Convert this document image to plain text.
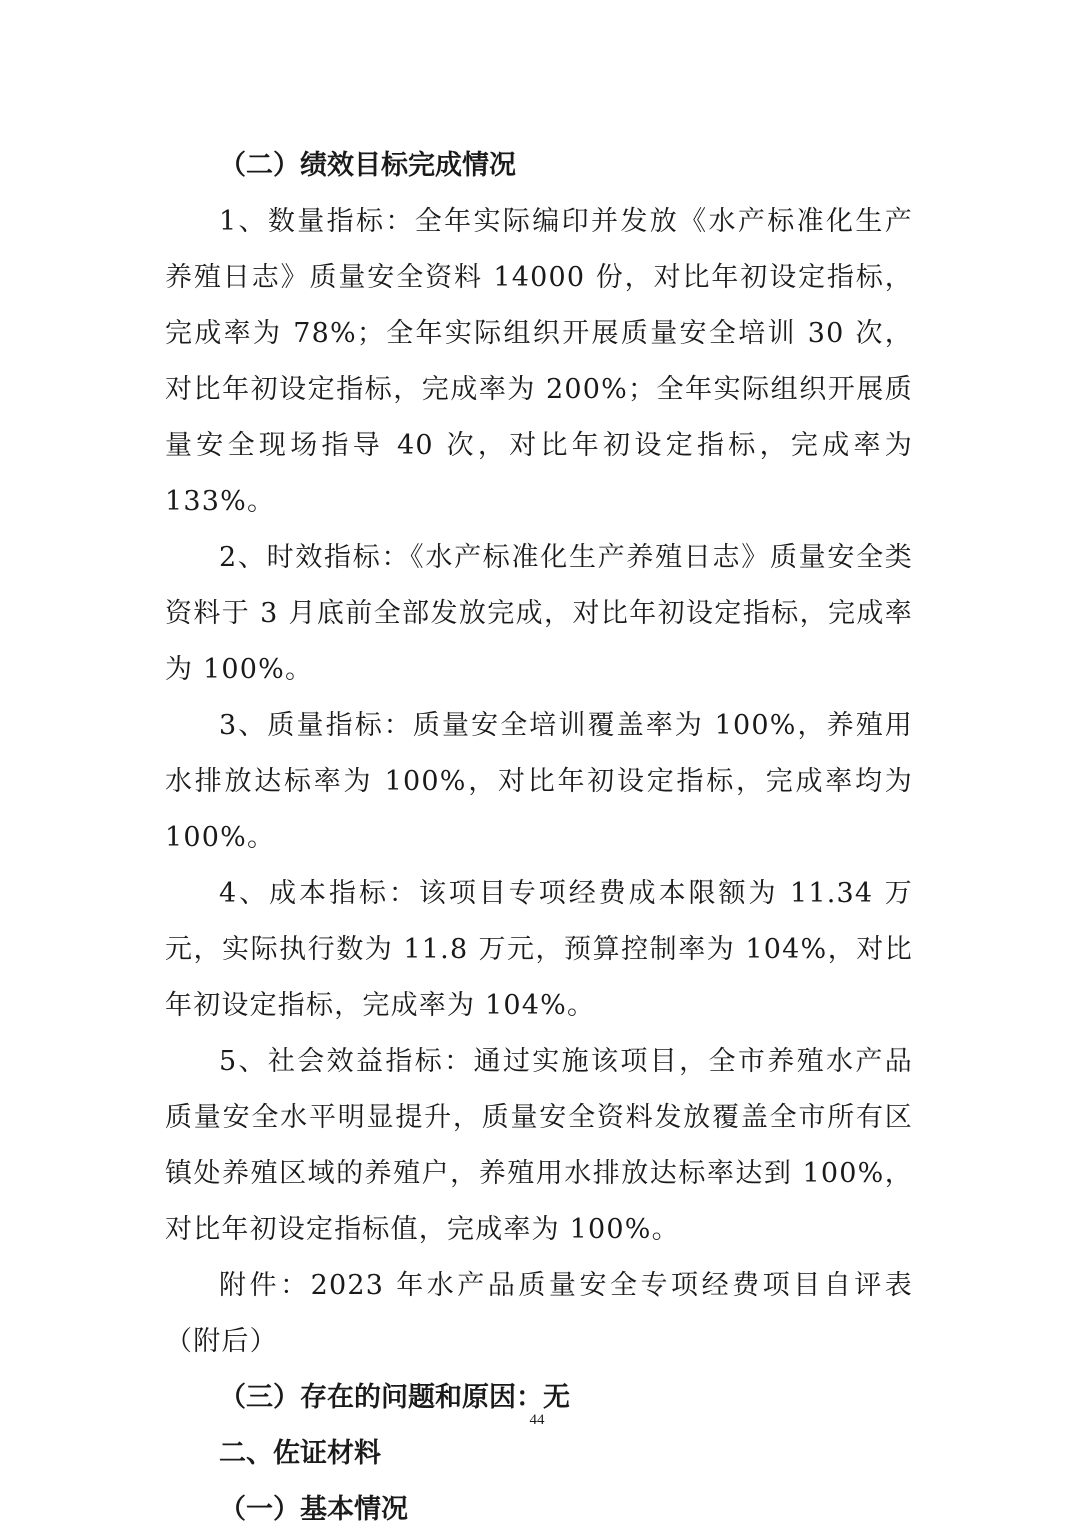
（二）绩效目标完成情况

1、数量指标：全年实际编印并发放《水产标准化生产养殖日志》质量安全资料 14000 份，对比年初设定指标，完成率为 78%；全年实际组织开展质量安全培训 30 次，对比年初设定指标，完成率为 200%；全年实际组织开展质量安全现场指导 40 次，对比年初设定指标，完成率为 133%。

2、时效指标：《水产标准化生产养殖日志》质量安全类资料于 3 月底前全部发放完成，对比年初设定指标，完成率为 100%。

3、质量指标：质量安全培训覆盖率为 100%，养殖用水排放达标率为 100%，对比年初设定指标，完成率均为 100%。

4、成本指标：该项目专项经费成本限额为 11.34 万元，实际执行数为 11.8 万元，预算控制率为 104%，对比年初设定指标，完成率为 104%。

5、社会效益指标：通过实施该项目，全市养殖水产品质量安全水平明显提升，质量安全资料发放覆盖全市所有区镇处养殖区域的养殖户，养殖用水排放达标率达到 100%，对比年初设定指标值，完成率为 100%。

附件：2023 年水产品质量安全专项经费项目自评表（附后）

（三）存在的问题和原因：无
二、佐证材料
（一）基本情况
44
